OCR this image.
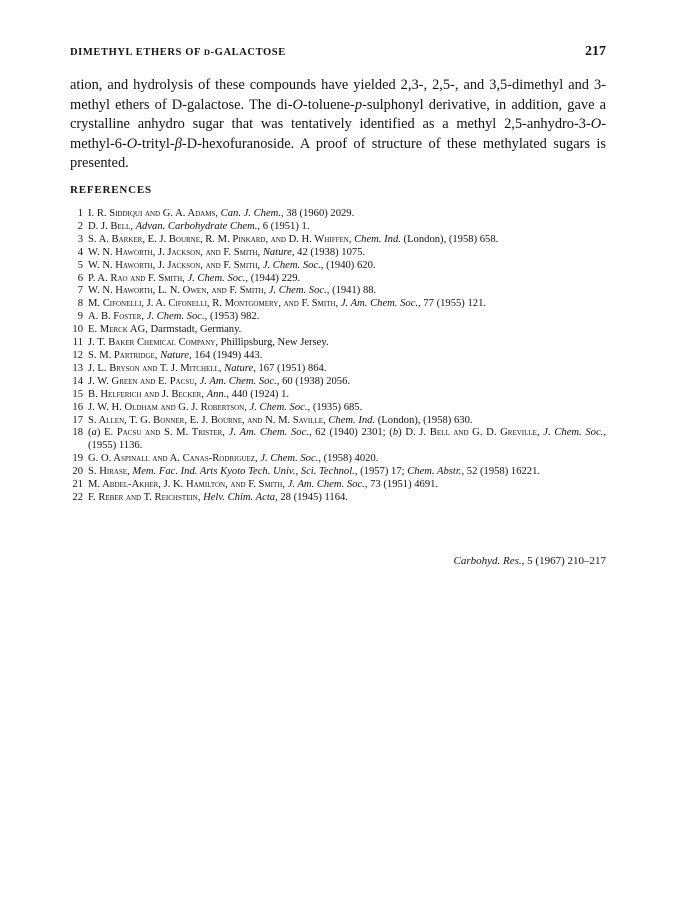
DIMETHYL ETHERS OF D-GALACTOSE	217

ation, and hydrolysis of these compounds have yielded 2,3-, 2,5-, and 3,5-dimethyl and 3-methyl ethers of D-galactose. The di-O-toluene-p-sulphonyl derivative, in addition, gave a crystalline anhydro sugar that was tentatively identified as a methyl 2,5-anhydro-3-O-methyl-6-O-trityl-β-D-hexofuranoside. A proof of structure of these methylated sugars is presented.

REFERENCES
1 I. R. Siddiqui and G. A. Adams, Can. J. Chem., 38 (1960) 2029.
2 D. J. Bell, Advan. Carbohydrate Chem., 6 (1951) 1.
3 S. A. Barker, E. J. Bourne, R. M. Pinkard, and D. H. Whiffen, Chem. Ind. (London), (1958) 658.
4 W. N. Haworth, J. Jackson, and F. Smith, Nature, 42 (1938) 1075.
5 W. N. Haworth, J. Jackson, and F. Smith, J. Chem. Soc., (1940) 620.
6 P. A. Rao and F. Smith, J. Chem. Soc., (1944) 229.
7 W. N. Haworth, L. N. Owen, and F. Smith, J. Chem. Soc., (1941) 88.
8 M. Cifonelli, J. A. Cifonelli, R. Montgomery, and F. Smith, J. Am. Chem. Soc., 77 (1955) 121.
9 A. B. Foster, J. Chem. Soc., (1953) 982.
10 E. Merck AG, Darmstadt, Germany.
11 J. T. Baker Chemical Company, Phillipsburg, New Jersey.
12 S. M. Partridge, Nature, 164 (1949) 443.
13 J. L. Bryson and T. J. Mitchell, Nature, 167 (1951) 864.
14 J. W. Green and E. Pacsu, J. Am. Chem. Soc., 60 (1938) 2056.
15 B. Helferich and J. Becker, Ann., 440 (1924) 1.
16 J. W. H. Oldham and G. J. Robertson, J. Chem. Soc., (1935) 685.
17 S. Allen, T. G. Bonner, E. J. Bourne, and N. M. Saville, Chem. Ind. (London), (1958) 630.
18 (a) E. Pacsu and S. M. Trister, J. Am. Chem. Soc., 62 (1940) 2301; (b) D. J. Bell and G. D. Greville, J. Chem. Soc., (1955) 1136.
19 G. O. Aspinall and A. Canas-Rodriguez, J. Chem. Soc., (1958) 4020.
20 S. Hirase, Mem. Fac. Ind. Arts Kyoto Tech. Univ., Sci. Technol., (1957) 17; Chem. Abstr., 52 (1958) 16221.
21 M. Abdel-Akher, J. K. Hamilton, and F. Smith, J. Am. Chem. Soc., 73 (1951) 4691.
22 F. Reber and T. Reichstein, Helv. Chim. Acta, 28 (1945) 1164.
Carbohyd. Res., 5 (1967) 210–217
